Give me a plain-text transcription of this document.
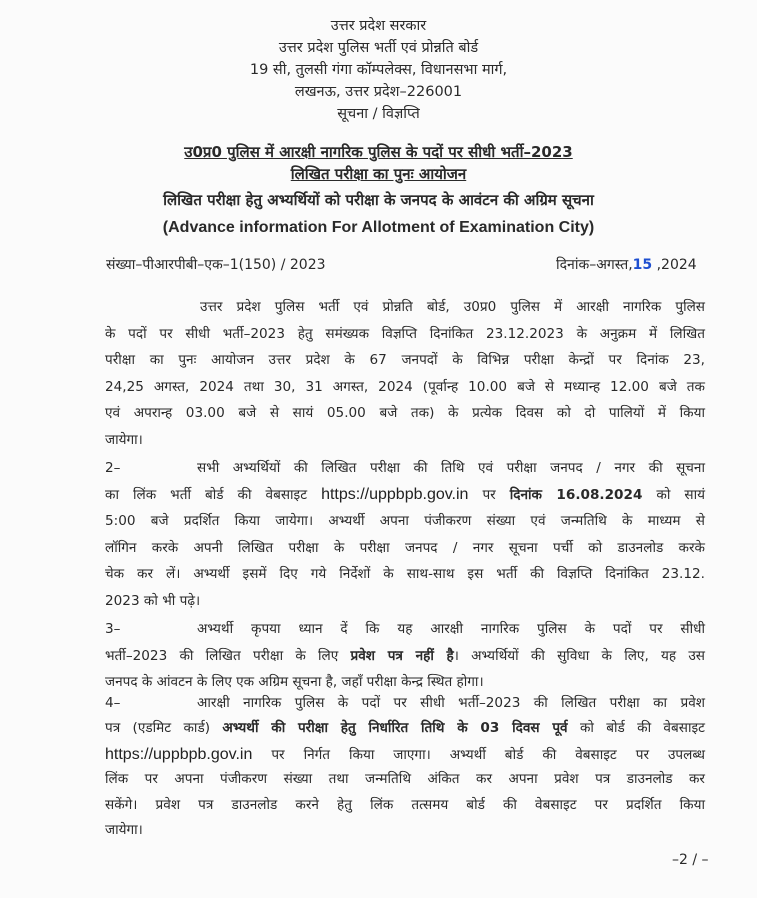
उत्तर प्रदेश सरकार
उत्तर प्रदेश पुलिस भर्ती एवं प्रोन्नति बोर्ड
19 सी, तुलसी गंगा कॉम्पलेक्स, विधानसभा मार्ग,
लखनऊ, उत्तर प्रदेश–226001
सूचना / विज्ञप्ति
उ0प्र0 पुलिस में आरक्षी नागरिक पुलिस के पदों पर सीधी भर्ती–2023
लिखित परीक्षा का पुनः आयोजन
लिखित परीक्षा हेतु अभ्यर्थियों को परीक्षा के जनपद के आवंटन की अग्रिम सूचना
(Advance information For Allotment of Examination City)
संख्या–पीआरपीबी–एक–1(150) / 2023	दिनांक–अगस्त,15 ,2024
उत्तर प्रदेश पुलिस भर्ती एवं प्रोन्नति बोर्ड, उ0प्र0 पुलिस में आरक्षी नागरिक पुलिस
के पदों पर सीधी भर्ती–2023 हेतु समंख्यक विज्ञप्ति दिनांकित 23.12.2023 के अनुक्रम में लिखित
परीक्षा का पुनः आयोजन उत्तर प्रदेश के 67 जनपदों के विभिन्न परीक्षा केन्द्रों पर दिनांक 23,
24,25 अगस्त, 2024 तथा 30, 31 अगस्त, 2024 (पूर्वान्ह 10.00 बजे से मध्यान्ह 12.00 बजे तक
एवं अपरान्ह 03.00 बजे से सायं 05.00 बजे तक) के प्रत्येक दिवस को दो पालियों में किया
जायेगा।
2–	सभी अभ्यर्थियों की लिखित परीक्षा की तिथि एवं परीक्षा जनपद / नगर की सूचना
का लिंक भर्ती बोर्ड की वेबसाइट https://uppbpb.gov.in पर दिनांक 16.08.2024 को सायं
5:00 बजे प्रदर्शित किया जायेगा। अभ्यर्थी अपना पंजीकरण संख्या एवं जन्मतिथि के माध्यम से
लॉगिन करके अपनी लिखित परीक्षा के परीक्षा जनपद / नगर सूचना पर्ची को डाउनलोड करके
चेक कर लें। अभ्यर्थी इसमें दिए गये निर्देशों के साथ-साथ इस भर्ती की विज्ञप्ति दिनांकित 23.12.
2023 को भी पढ़े।
3–	अभ्यर्थी कृपया ध्यान दें कि यह आरक्षी नागरिक पुलिस के पदों पर सीधी
भर्ती–2023 की लिखित परीक्षा के लिए प्रवेश पत्र नहीं है। अभ्यर्थियों की सुविधा के लिए, यह उस
जनपद के आंवटन के लिए एक अग्रिम सूचना है, जहाँ परीक्षा केन्द्र स्थित होगा।
4–	आरक्षी नागरिक पुलिस के पदों पर सीधी भर्ती–2023 की लिखित परीक्षा का प्रवेश
पत्र (एडमिट कार्ड) अभ्यर्थी की परीक्षा हेतु निर्धारित तिथि के 03 दिवस पूर्व को बोर्ड की वेबसाइट
https://uppbpb.gov.in पर निर्गत किया जाएगा। अभ्यर्थी बोर्ड की वेबसाइट पर उपलब्ध
लिंक पर अपना पंजीकरण संख्या तथा जन्मतिथि अंकित कर अपना प्रवेश पत्र डाउनलोड कर
सकेंगे। प्रवेश पत्र डाउनलोड करने हेतु लिंक तत्समय बोर्ड की वेबसाइट पर प्रदर्शित किया
जायेगा।
–2 / –
